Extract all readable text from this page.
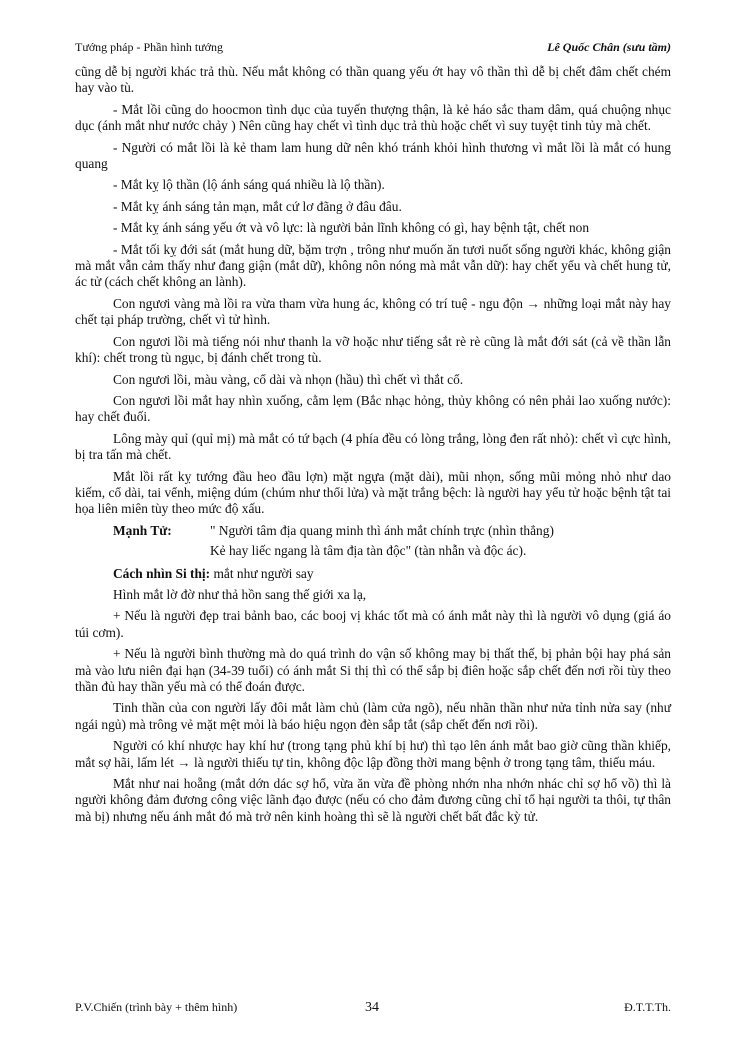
Tướng pháp - Phần hình tướng	Lê Quốc Chân (sưu tầm)

cũng dễ bị người khác trả thù. Nếu mắt không có thần quang yếu ớt hay vô thần thì dễ bị chết đâm chết chém hay vào tù.

- Mắt lồi cũng do hoocmon tình dục của tuyến thượng thận, là kẻ háo sắc tham dâm, quá chuộng nhục dục (ánh mắt như nước chảy ) Nên cũng hay chết vì tình dục trả thù hoặc chết vì suy tuyệt tinh tủy mà chết.

- Người có mắt lồi là kẻ tham lam hung dữ nên khó tránh khỏi hình thương vì mắt lồi là mắt có hung quang

- Mắt kỵ lộ thần (lộ ánh sáng quá nhiều là lộ thần).

- Mắt kỵ ánh sáng tản mạn, mắt cứ lơ đãng ở đâu đâu.

- Mắt kỵ ánh sáng yếu ớt và vô lực: là người bản lĩnh không có gì, hay bệnh tật, chết non

- Mắt tối kỵ đới sát (mắt hung dữ, bặm trợn , trông như muốn ăn tươi nuốt sống người khác, không giận mà mắt vẫn cảm thấy như đang giận (mắt dữ), không nôn nóng mà mắt vẫn dữ): hay chết yểu và chết hung tử, ác tử (cách chết không an lành).

Con ngươi vàng mà lồi ra vừa tham vừa hung ác, không có trí tuệ - ngu độn → những loại mắt này hay chết tại pháp trường, chết vì tử hình.

Con ngươi lồi mà tiếng nói như thanh la vỡ hoặc như tiếng sắt rè rè cũng là mắt đới sát (cả về thần lẫn khí): chết trong tù ngục, bị đánh chết trong tù.

Con ngươi lồi, màu vàng, cổ dài và nhọn (hầu) thì chết vì thắt cổ.

Con ngươi lồi mắt hay nhìn xuống, cằm lẹm (Bắc nhạc hỏng, thủy không có nên phải lao xuống nước): hay chết đuối.

Lông mày quỉ (quỉ mị) mà mắt có tứ bạch (4 phía đều có lòng trắng, lòng đen rất nhỏ): chết vì cực hình, bị tra tấn mà chết.

Mắt lồi rất kỵ tướng đầu heo đầu lợn) mặt ngựa (mặt dài), mũi nhọn, sống mũi mỏng nhỏ như dao kiếm, cổ dài, tai vểnh, miệng dúm (chúm như thổi lửa) và mặt trắng bệch: là người hay yểu tử hoặc bệnh tật tai họa liên miên tùy theo mức độ xấu.

Mạnh Tử:	" Người tâm địa quang minh thì ánh mắt chính trực (nhìn thẳng)
Kẻ hay liếc ngang là tâm địa tàn độc" (tàn nhẫn và độc ác).

Cách nhìn Si thị: mắt như người say

Hình mắt lờ đờ như thả hồn sang thế giới xa lạ,

+ Nếu là người đẹp trai bảnh bao, các booj vị khác tốt mà có ánh mắt này thì là người vô dụng (giá áo túi cơm).

+ Nếu là người bình thường mà do quá trình do vận số không may bị thất thế, bị phản bội hay phá sản mà vào lưu niên đại hạn (34-39 tuổi) có ánh mắt Si thị thì có thể sắp bị điên hoặc sắp chết đến nơi rồi tùy theo thần đủ hay thần yếu mà có thể đoán được.

Tinh thần của con người lấy đôi mắt làm chủ (làm cửa ngõ), nếu nhãn thần như nửa tỉnh nửa say (như ngái ngủ) mà trông vẻ mặt mệt mỏi là báo hiệu ngọn đèn sắp tắt (sắp chết đến nơi rồi).

Người có khí nhược hay khí hư (trong tạng phủ khí bị hư) thì tạo lên ánh mắt bao giờ cũng thần khiếp, mắt sợ hãi, lấm lét → là người thiếu tự tin, không độc lập đồng thời mang bệnh ở trong tạng tâm, thiếu máu.

Mắt như nai hoẵng (mắt dớn dác sợ hổ, vừa ăn vừa đề phòng nhớn nha nhớn nhác chỉ sợ hổ vồ) thì là người không đảm đương công việc lãnh đạo được (nếu có cho đảm đương cũng chỉ tổ hại người ta thôi, tự thân mà bị) nhưng nếu ánh mắt đó mà trở nên kinh hoàng thì sẽ là người chết bất đắc kỳ tử.

P.V.Chiến (trình bày + thêm hình)	34	Đ.T.T.Th.
